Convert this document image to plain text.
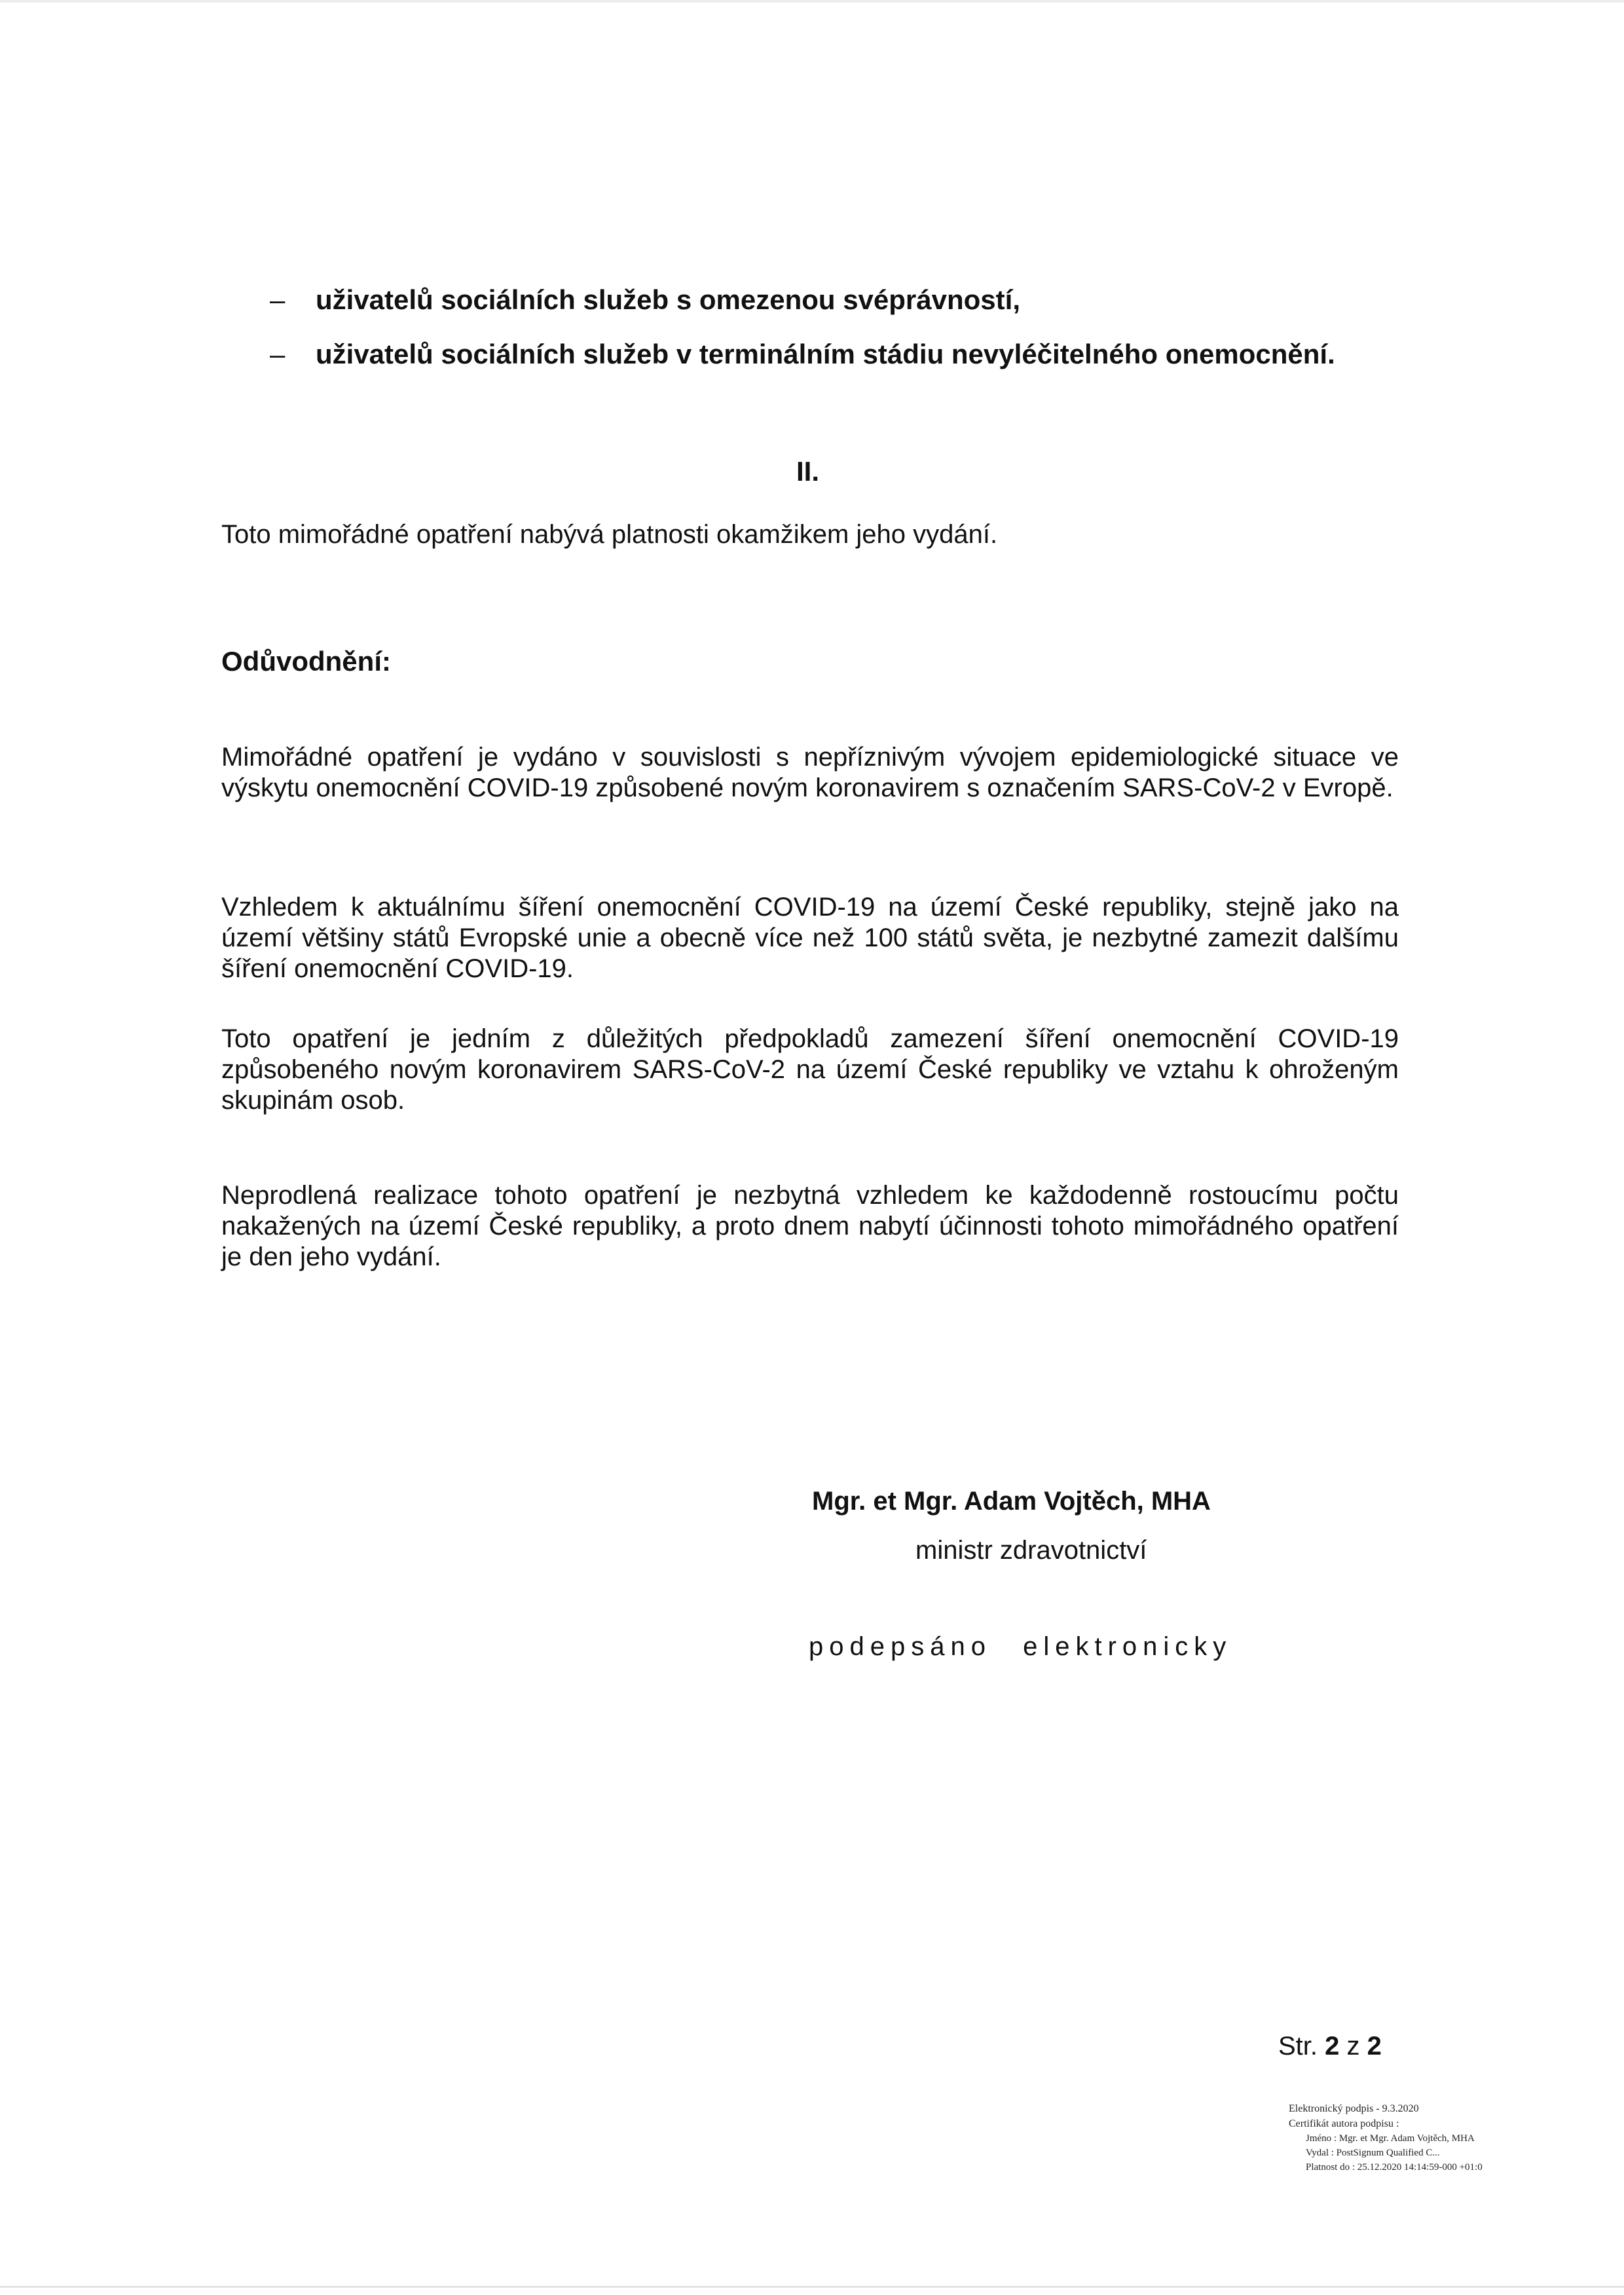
– uživatelů sociálních služeb s omezenou svéprávností,
– uživatelů sociálních služeb v terminálním stádiu nevyléčitelného onemocnění.
II.
Toto mimořádné opatření nabývá platnosti okamžikem jeho vydání.
Odůvodnění:
Mimořádné opatření je vydáno v souvislosti s nepříznivým vývojem epidemiologické situace ve výskytu onemocnění COVID-19 způsobené novým koronavirem s označením SARS-CoV-2 v Evropě.
Vzhledem k aktuálnímu šíření onemocnění COVID-19 na území České republiky, stejně jako na území většiny států Evropské unie a obecně více než 100 států světa, je nezbytné zamezit dalšímu šíření onemocnění COVID-19.
Toto opatření je jedním z důležitých předpokladů zamezení šíření onemocnění COVID-19 způsobeného novým koronavirem SARS-CoV-2 na území České republiky ve vztahu k ohroženým skupinám osob.
Neprodlená realizace tohoto opatření je nezbytná vzhledem ke každodenně rostoucímu počtu nakažených na území České republiky, a proto dnem nabytí účinnosti tohoto mimořádného opatření je den jeho vydání.
Mgr. et Mgr. Adam Vojtěch, MHA
ministr zdravotnictví
podepsáno elektronicky
Str. 2 z 2
Elektronický podpis - 9.3.2020
Certifikát autora podpisu :
Jméno : Mgr. et Mgr. Adam Vojtěch, MHA
Vydal : PostSignum Qualified C...
Platnost do : 25.12.2020 14:14:59-000 +01:0
